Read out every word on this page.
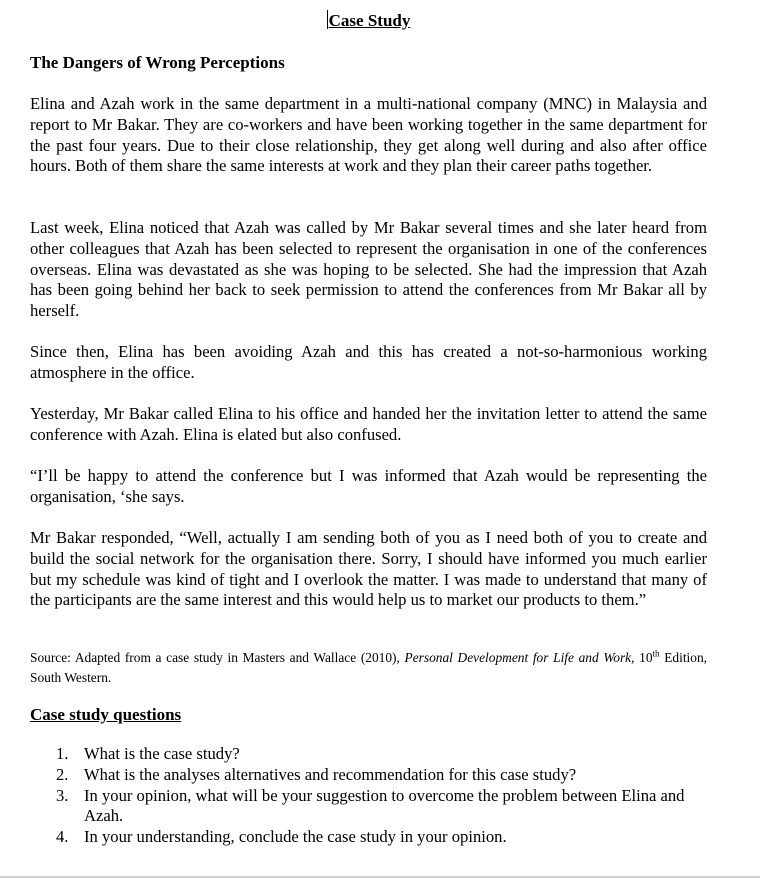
Case Study
The Dangers of Wrong Perceptions

Elina and Azah work in the same department in a multi-national company (MNC) in Malaysia and report to Mr Bakar. They are co-workers and have been working together in the same department for the past four years. Due to their close relationship, they get along well during and also after office hours. Both of them share the same interests at work and they plan their career paths together.

Last week, Elina noticed that Azah was called by Mr Bakar several times and she later heard from other colleagues that Azah has been selected to represent the organisation in one of the conferences overseas. Elina was devastated as she was hoping to be selected. She had the impression that Azah has been going behind her back to seek permission to attend the conferences from Mr Bakar all by herself.

Since then, Elina has been avoiding Azah and this has created a not-so-harmonious working atmosphere in the office.

Yesterday, Mr Bakar called Elina to his office and handed her the invitation letter to attend the same conference with Azah. Elina is elated but also confused.

“I’ll be happy to attend the conference but I was informed that Azah would be representing the organisation, ‘she says.

Mr Bakar responded, “Well, actually I am sending both of you as I need both of you to create and build the social network for the organisation there. Sorry, I should have informed you much earlier but my schedule was kind of tight and I overlook the matter. I was made to understand that many of the participants are the same interest and this would help us to market our products to them.”

Source: Adapted from a case study in Masters and Wallace (2010), Personal Development for Life and Work, 10th Edition, South Western.

Case study questions
1. What is the case study?
2. What is the analyses alternatives and recommendation for this case study?
3. In your opinion, what will be your suggestion to overcome the problem between Elina and Azah.
4. In your understanding, conclude the case study in your opinion.
